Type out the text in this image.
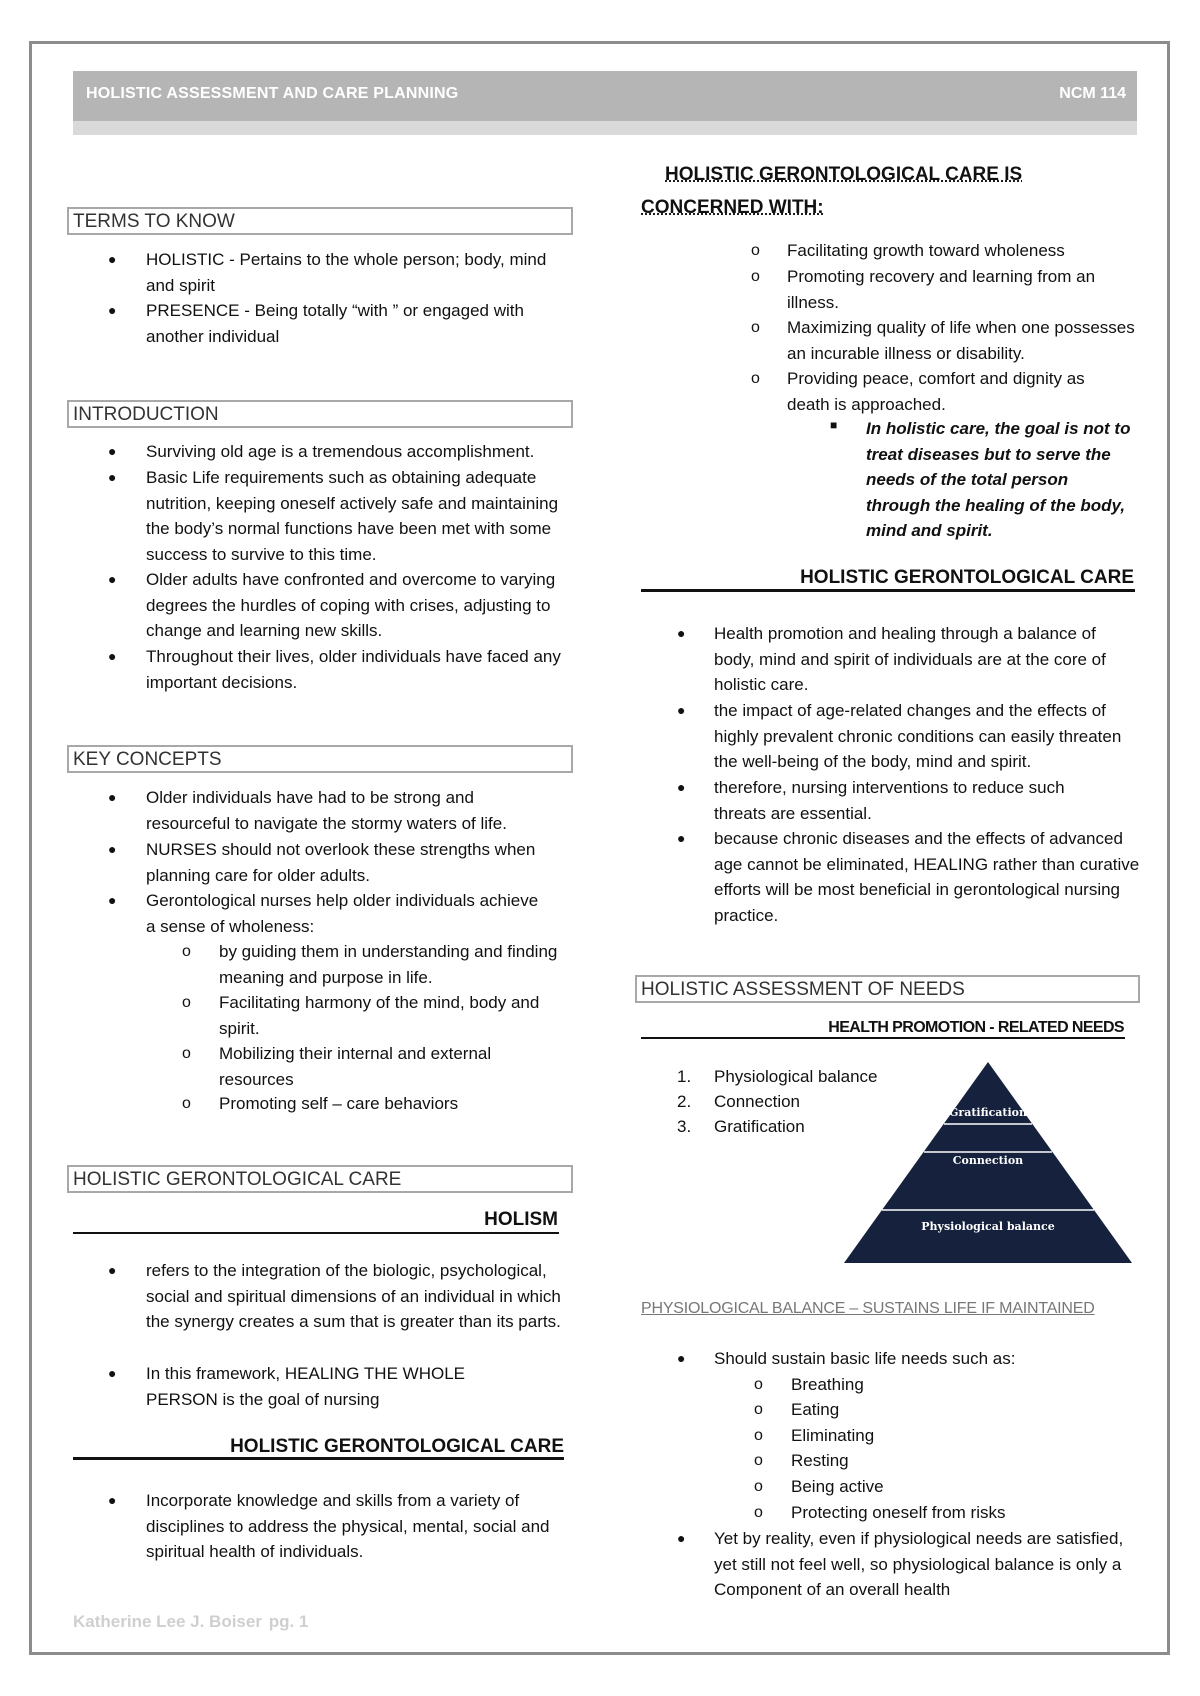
HOLISTIC ASSESSMENT AND CARE PLANNING	NCM 114
TERMS TO KNOW
● HOLISTIC - Pertains to the whole person; body, mind and spirit
● PRESENCE - Being totally “with ” or engaged with another individual
INTRODUCTION
● Surviving old age is a tremendous accomplishment.
● Basic Life requirements such as obtaining adequate nutrition, keeping oneself actively safe and maintaining the body’s normal functions have been met with some success to survive to this time.
● Older adults have confronted and overcome to varying degrees the hurdles of coping with crises, adjusting to change and learning new skills.
● Throughout their lives, older individuals have faced any important decisions.
KEY CONCEPTS
● Older individuals have had to be strong and resourceful to navigate the stormy waters of life.
● NURSES should not overlook these strengths when planning care for older adults.
● Gerontological nurses help older individuals achieve a sense of wholeness:
o by guiding them in understanding and finding meaning and purpose in life.
o Facilitating harmony of the mind, body and spirit.
o Mobilizing their internal and external resources
o Promoting self – care behaviors
HOLISTIC GERONTOLOGICAL CARE
HOLISM
● refers to the integration of the biologic, psychological, social and spiritual dimensions of an individual in which the synergy creates a sum that is greater than its parts.
● In this framework, HEALING THE WHOLE PERSON is the goal of nursing
HOLISTIC GERONTOLOGICAL CARE
● Incorporate knowledge and skills from a variety of disciplines to address the physical, mental, social and spiritual health of individuals.
HOLISTIC GERONTOLOGICAL CARE IS
CONCERNED WITH:
o Facilitating growth toward wholeness
o Promoting recovery and learning from an illness.
o Maximizing quality of life when one possesses an incurable illness or disability.
o Providing peace, comfort and dignity as death is approached.
■ In holistic care, the goal is not to treat diseases but to serve the needs of the total person through the healing of the body, mind and spirit.
HOLISTIC GERONTOLOGICAL CARE
● Health promotion and healing through a balance of body, mind and spirit of individuals are at the core of holistic care.
● the impact of age-related changes and the effects of highly prevalent chronic conditions can easily threaten the well-being of the body, mind and spirit.
● therefore, nursing interventions to reduce such threats are essential.
● because chronic diseases and the effects of advanced age cannot be eliminated, HEALING rather than curative efforts will be most beneficial in gerontological nursing practice.
HOLISTIC ASSESSMENT OF NEEDS
HEALTH PROMOTION - RELATED NEEDS
1. Physiological balance
2. Connection
3. Gratification
Gratification
Connection
Physiological balance
PHYSIOLOGICAL BALANCE – SUSTAINS LIFE IF MAINTAINED
● Should sustain basic life needs such as:
o Breathing
o Eating
o Eliminating
o Resting
o Being active
o Protecting oneself from risks
● Yet by reality, even if physiological needs are satisfied, yet still not feel well, so physiological balance is only a Component of an overall health
Katherine Lee J. Boiser pg. 1
